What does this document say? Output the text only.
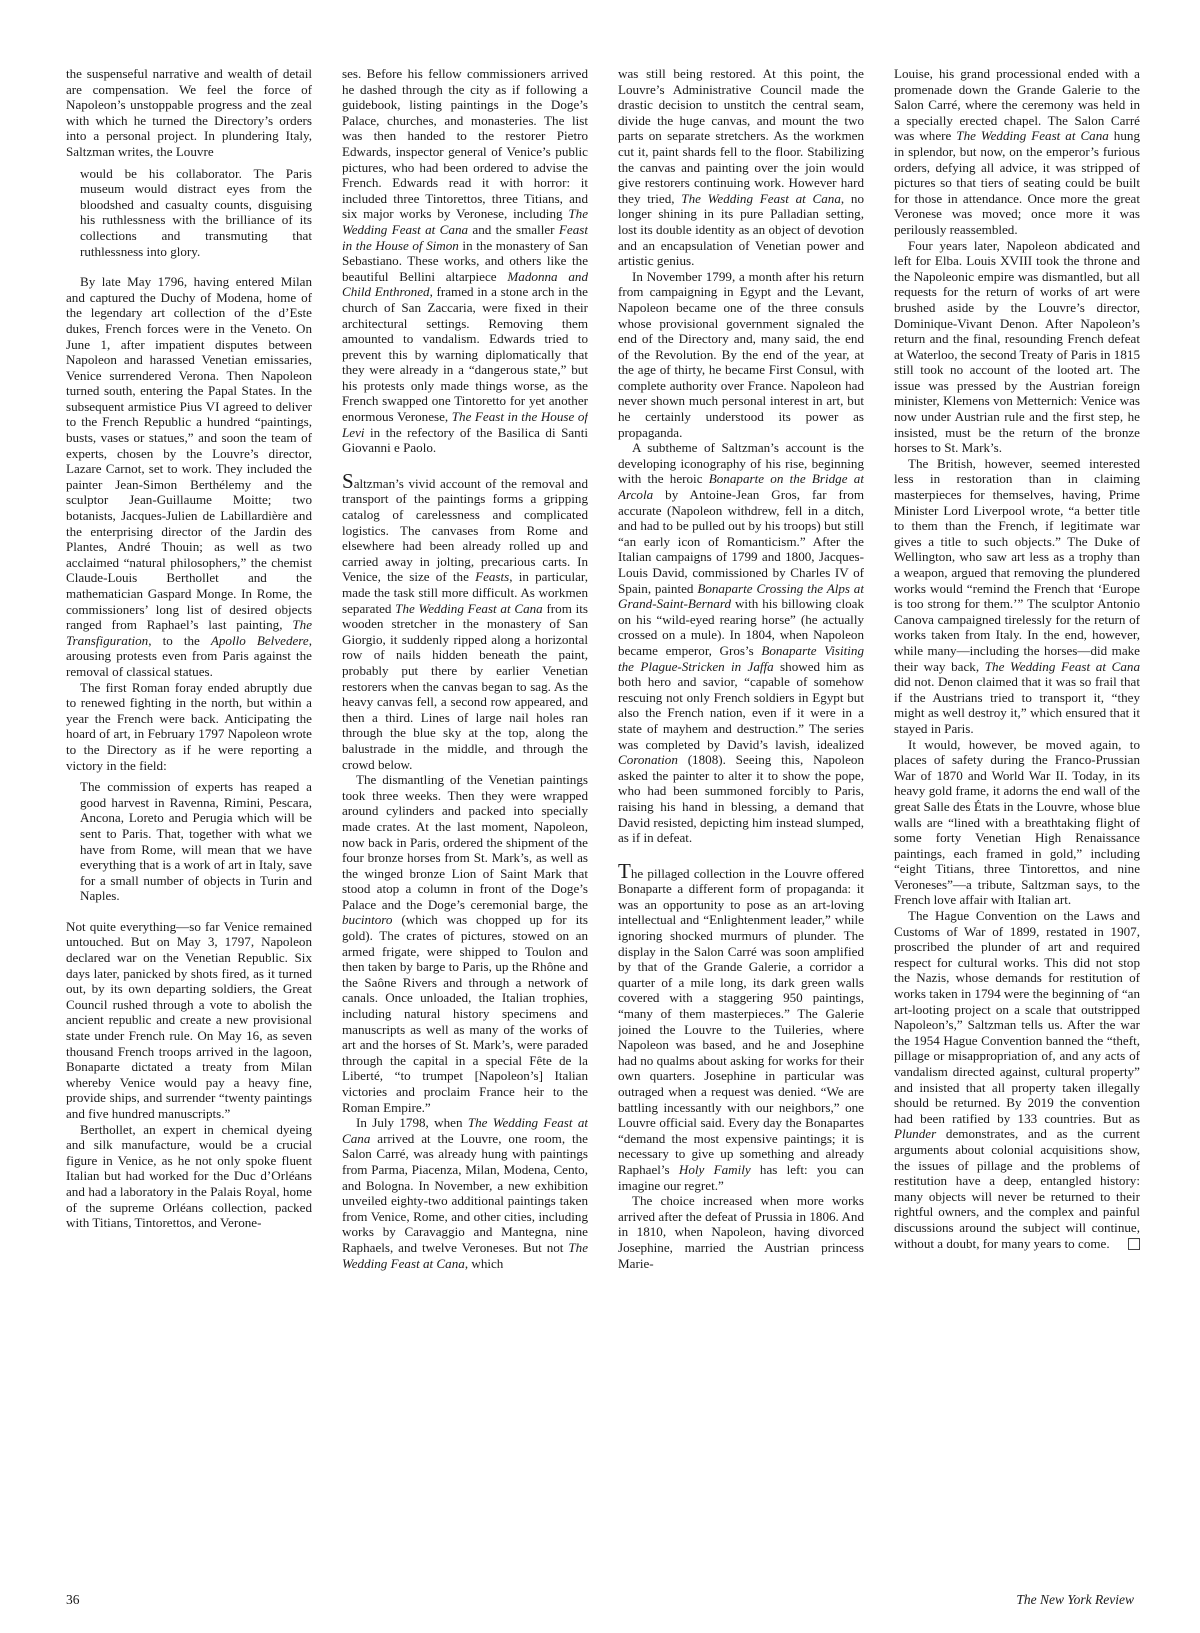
the suspenseful narrative and wealth of detail are compensation. We feel the force of Napoleon’s unstoppable progress and the zeal with which he turned the Directory’s orders into a personal project. In plundering Italy, Saltzman writes, the Louvre

would be his collaborator. The Paris museum would distract eyes from the bloodshed and casualty counts, disguising his ruthlessness with the brilliance of its collections and transmuting that ruthlessness into glory.

By late May 1796, having entered Milan and captured the Duchy of Modena, home of the legendary art collection of the d’Este dukes, French forces were in the Veneto. On June 1, after impatient disputes between Napoleon and harassed Venetian emissaries, Venice surrendered Verona. Then Napoleon turned south, entering the Papal States. In the subsequent armistice Pius VI agreed to deliver to the French Republic a hundred “paintings, busts, vases or statues,” and soon the team of experts, chosen by the Louvre’s director, Lazare Carnot, set to work. They included the painter Jean-Simon Berthélemy and the sculptor Jean-Guillaume Moitte; two botanists, Jacques-Julien de Labillardière and the enterprising director of the Jardin des Plantes, André Thouin; as well as two acclaimed “natural philosophers,” the chemist Claude-Louis Berthollet and the mathematician Gaspard Monge. In Rome, the commissioners’ long list of desired objects ranged from Raphael’s last painting, The Transfiguration, to the Apollo Belvedere, arousing protests even from Paris against the removal of classical statues.

The first Roman foray ended abruptly due to renewed fighting in the north, but within a year the French were back. Anticipating the hoard of art, in February 1797 Napoleon wrote to the Directory as if he were reporting a victory in the field:

The commission of experts has reaped a good harvest in Ravenna, Rimini, Pescara, Ancona, Loreto and Perugia which will be sent to Paris. That, together with what we have from Rome, will mean that we have everything that is a work of art in Italy, save for a small number of objects in Turin and Naples.

Not quite everything—so far Venice remained untouched. But on May 3, 1797, Napoleon declared war on the Venetian Republic. Six days later, panicked by shots fired, as it turned out, by its own departing soldiers, the Great Council rushed through a vote to abolish the ancient republic and create a new provisional state under French rule. On May 16, as seven thousand French troops arrived in the lagoon, Bonaparte dictated a treaty from Milan whereby Venice would pay a heavy fine, provide ships, and surrender “twenty paintings and five hundred manuscripts.”

Berthollet, an expert in chemical dyeing and silk manufacture, would be a crucial figure in Venice, as he not only spoke fluent Italian but had worked for the Duc d’Orléans and had a laboratory in the Palais Royal, home of the supreme Orléans collection, packed with Titians, Tintorettos, and Verone-

ses. Before his fellow commissioners arrived he dashed through the city as if following a guidebook, listing paintings in the Doge’s Palace, churches, and monasteries. The list was then handed to the restorer Pietro Edwards, inspector general of Venice’s public pictures, who had been ordered to advise the French. Edwards read it with horror: it included three Tintorettos, three Titians, and six major works by Veronese, including The Wedding Feast at Cana and the smaller Feast in the House of Simon in the monastery of San Sebastiano. These works, and others like the beautiful Bellini altarpiece Madonna and Child Enthroned, framed in a stone arch in the church of San Zaccaria, were fixed in their architectural settings. Removing them amounted to vandalism. Edwards tried to prevent this by warning diplomatically that they were already in a “dangerous state,” but his protests only made things worse, as the French swapped one Tintoretto for yet another enormous Veronese, The Feast in the House of Levi in the refectory of the Basilica di Santi Giovanni e Paolo.

Saltzman’s vivid account of the removal and transport of the paintings forms a gripping catalog of carelessness and complicated logistics. The canvases from Rome and elsewhere had been already rolled up and carried away in jolting, precarious carts. In Venice, the size of the Feasts, in particular, made the task still more difficult. As workmen separated The Wedding Feast at Cana from its wooden stretcher in the monastery of San Giorgio, it suddenly ripped along a horizontal row of nails hidden beneath the paint, probably put there by earlier Venetian restorers when the canvas began to sag. As the heavy canvas fell, a second row appeared, and then a third. Lines of large nail holes ran through the blue sky at the top, along the balustrade in the middle, and through the crowd below.

The dismantling of the Venetian paintings took three weeks. Then they were wrapped around cylinders and packed into specially made crates. At the last moment, Napoleon, now back in Paris, ordered the shipment of the four bronze horses from St. Mark’s, as well as the winged bronze Lion of Saint Mark that stood atop a column in front of the Doge’s Palace and the Doge’s ceremonial barge, the bucintoro (which was chopped up for its gold). The crates of pictures, stowed on an armed frigate, were shipped to Toulon and then taken by barge to Paris, up the Rhône and the Saône Rivers and through a network of canals. Once unloaded, the Italian trophies, including natural history specimens and manuscripts as well as many of the works of art and the horses of St. Mark’s, were paraded through the capital in a special Fête de la Liberté, “to trumpet [Napoleon’s] Italian victories and proclaim France heir to the Roman Empire.”

In July 1798, when The Wedding Feast at Cana arrived at the Louvre, one room, the Salon Carré, was already hung with paintings from Parma, Piacenza, Milan, Modena, Cento, and Bologna. In November, a new exhibition unveiled eighty-two additional paintings taken from Venice, Rome, and other cities, including works by Caravaggio and Mantegna, nine Raphaels, and twelve Veroneses. But not The Wedding Feast at Cana, which

was still being restored. At this point, the Louvre’s Administrative Council made the drastic decision to unstitch the central seam, divide the huge canvas, and mount the two parts on separate stretchers. As the workmen cut it, paint shards fell to the floor. Stabilizing the canvas and painting over the join would give restorers continuing work. However hard they tried, The Wedding Feast at Cana, no longer shining in its pure Palladian setting, lost its double identity as an object of devotion and an encapsulation of Venetian power and artistic genius.

In November 1799, a month after his return from campaigning in Egypt and the Levant, Napoleon became one of the three consuls whose provisional government signaled the end of the Directory and, many said, the end of the Revolution. By the end of the year, at the age of thirty, he became First Consul, with complete authority over France. Napoleon had never shown much personal interest in art, but he certainly understood its power as propaganda.

A subtheme of Saltzman’s account is the developing iconography of his rise, beginning with the heroic Bonaparte on the Bridge at Arcola by Antoine-Jean Gros, far from accurate (Napoleon withdrew, fell in a ditch, and had to be pulled out by his troops) but still “an early icon of Romanticism.” After the Italian campaigns of 1799 and 1800, Jacques-Louis David, commissioned by Charles IV of Spain, painted Bonaparte Crossing the Alps at Grand-Saint-Bernard with his billowing cloak on his “wild-eyed rearing horse” (he actually crossed on a mule). In 1804, when Napoleon became emperor, Gros’s Bonaparte Visiting the Plague-Stricken in Jaffa showed him as both hero and savior, “capable of somehow rescuing not only French soldiers in Egypt but also the French nation, even if it were in a state of mayhem and destruction.” The series was completed by David’s lavish, idealized Coronation (1808). Seeing this, Napoleon asked the painter to alter it to show the pope, who had been summoned forcibly to Paris, raising his hand in blessing, a demand that David resisted, depicting him instead slumped, as if in defeat.

The pillaged collection in the Louvre offered Bonaparte a different form of propaganda: it was an opportunity to pose as an art-loving intellectual and “Enlightenment leader,” while ignoring shocked murmurs of plunder. The display in the Salon Carré was soon amplified by that of the Grande Galerie, a corridor a quarter of a mile long, its dark green walls covered with a staggering 950 paintings, “many of them masterpieces.” The Galerie joined the Louvre to the Tuileries, where Napoleon was based, and he and Josephine had no qualms about asking for works for their own quarters. Josephine in particular was outraged when a request was denied. “We are battling incessantly with our neighbors,” one Louvre official said. Every day the Bonapartes “demand the most expensive paintings; it is necessary to give up something and already Raphael’s Holy Family has left: you can imagine our regret.”

The choice increased when more works arrived after the defeat of Prussia in 1806. And in 1810, when Napoleon, having divorced Josephine, married the Austrian princess Marie-

Louise, his grand processional ended with a promenade down the Grande Galerie to the Salon Carré, where the ceremony was held in a specially erected chapel. The Salon Carré was where The Wedding Feast at Cana hung in splendor, but now, on the emperor’s furious orders, defying all advice, it was stripped of pictures so that tiers of seating could be built for those in attendance. Once more the great Veronese was moved; once more it was perilously reassembled.

Four years later, Napoleon abdicated and left for Elba. Louis XVIII took the throne and the Napoleonic empire was dismantled, but all requests for the return of works of art were brushed aside by the Louvre’s director, Dominique-Vivant Denon. After Napoleon’s return and the final, resounding French defeat at Waterloo, the second Treaty of Paris in 1815 still took no account of the looted art. The issue was pressed by the Austrian foreign minister, Klemens von Metternich: Venice was now under Austrian rule and the first step, he insisted, must be the return of the bronze horses to St. Mark’s.

The British, however, seemed interested less in restoration than in claiming masterpieces for themselves, having, Prime Minister Lord Liverpool wrote, “a better title to them than the French, if legitimate war gives a title to such objects.” The Duke of Wellington, who saw art less as a trophy than a weapon, argued that removing the plundered works would “remind the French that ‘Europe is too strong for them.’” The sculptor Antonio Canova campaigned tirelessly for the return of works taken from Italy. In the end, however, while many—including the horses—did make their way back, The Wedding Feast at Cana did not. Denon claimed that it was so frail that if the Austrians tried to transport it, “they might as well destroy it,” which ensured that it stayed in Paris.

It would, however, be moved again, to places of safety during the Franco-Prussian War of 1870 and World War II. Today, in its heavy gold frame, it adorns the end wall of the great Salle des États in the Louvre, whose blue walls are “lined with a breathtaking flight of some forty Venetian High Renaissance paintings, each framed in gold,” including “eight Titians, three Tintorettos, and nine Veroneses”—a tribute, Saltzman says, to the French love affair with Italian art.

The Hague Convention on the Laws and Customs of War of 1899, restated in 1907, proscribed the plunder of art and required respect for cultural works. This did not stop the Nazis, whose demands for restitution of works taken in 1794 were the beginning of “an art-looting project on a scale that outstripped Napoleon’s,” Saltzman tells us. After the war the 1954 Hague Convention banned the “theft, pillage or misappropriation of, and any acts of vandalism directed against, cultural property” and insisted that all property taken illegally should be returned. By 2019 the convention had been ratified by 133 countries. But as Plunder demonstrates, and as the current arguments about colonial acquisitions show, the issues of pillage and the problems of restitution have a deep, entangled history: many objects will never be returned to their rightful owners, and the complex and painful discussions around the subject will continue, without a doubt, for many years to come.

36	The New York Review
